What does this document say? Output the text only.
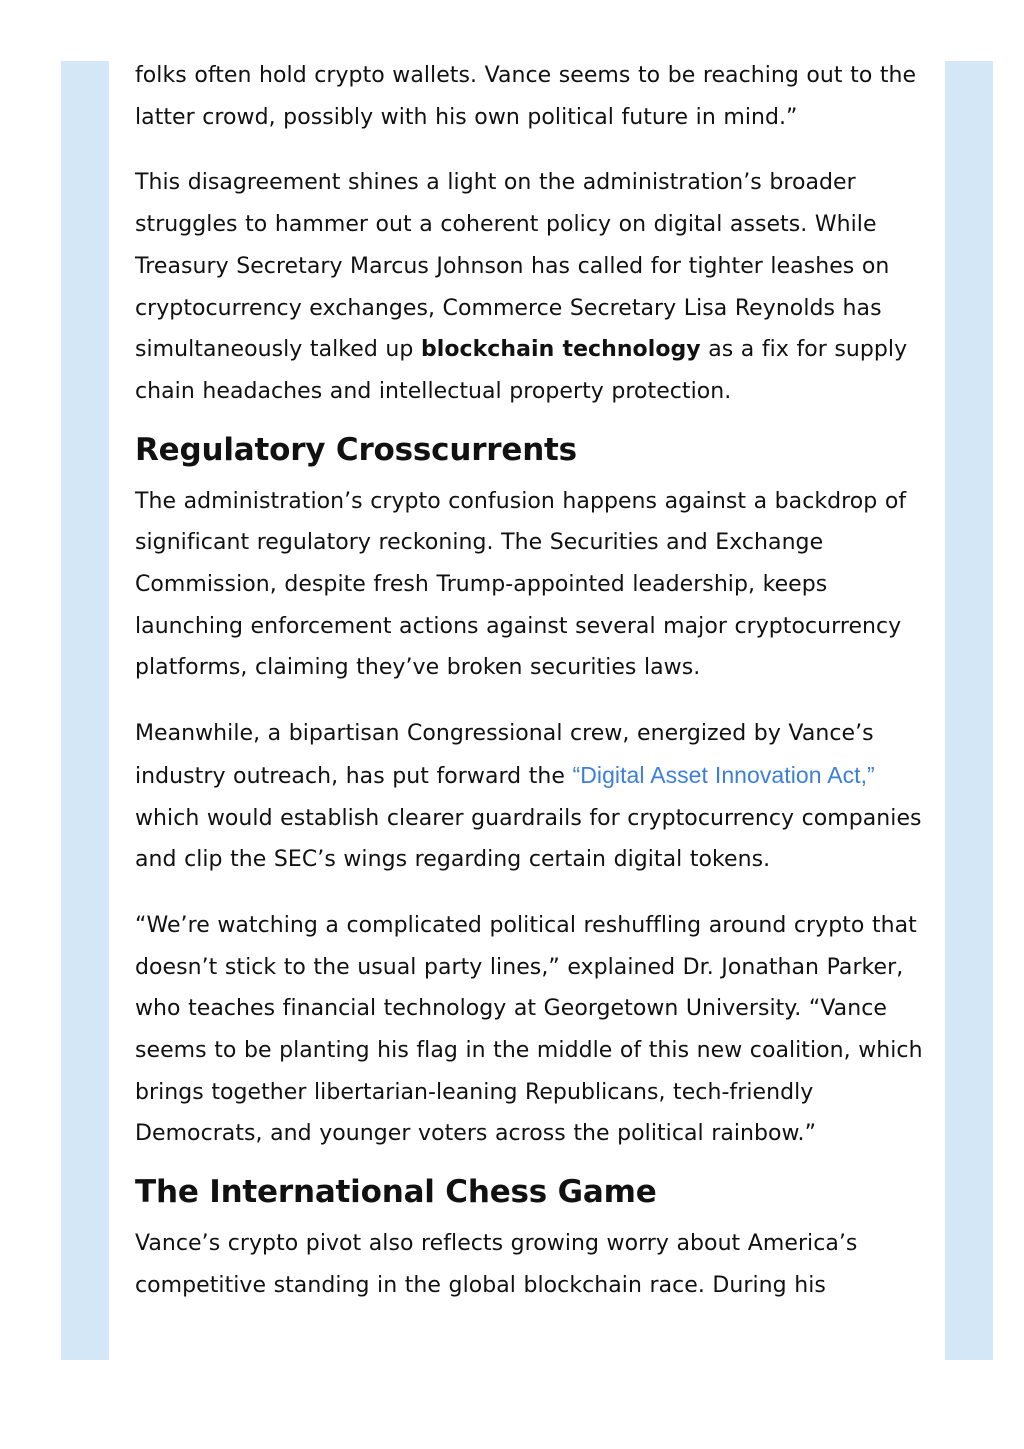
folks often hold crypto wallets. Vance seems to be reaching out to the latter crowd, possibly with his own political future in mind.”

This disagreement shines a light on the administration’s broader struggles to hammer out a coherent policy on digital assets. While Treasury Secretary Marcus Johnson has called for tighter leashes on cryptocurrency exchanges, Commerce Secretary Lisa Reynolds has simultaneously talked up blockchain technology as a fix for supply chain headaches and intellectual property protection.

Regulatory Crosscurrents

The administration’s crypto confusion happens against a backdrop of significant regulatory reckoning. The Securities and Exchange Commission, despite fresh Trump-appointed leadership, keeps launching enforcement actions against several major cryptocurrency platforms, claiming they’ve broken securities laws.

Meanwhile, a bipartisan Congressional crew, energized by Vance’s industry outreach, has put forward the “Digital Asset Innovation Act,” which would establish clearer guardrails for cryptocurrency companies and clip the SEC’s wings regarding certain digital tokens.

“We’re watching a complicated political reshuffling around crypto that doesn’t stick to the usual party lines,” explained Dr. Jonathan Parker, who teaches financial technology at Georgetown University. “Vance seems to be planting his flag in the middle of this new coalition, which brings together libertarian-leaning Republicans, tech-friendly Democrats, and younger voters across the political rainbow.”

The International Chess Game

Vance’s crypto pivot also reflects growing worry about America’s competitive standing in the global blockchain race. During his
